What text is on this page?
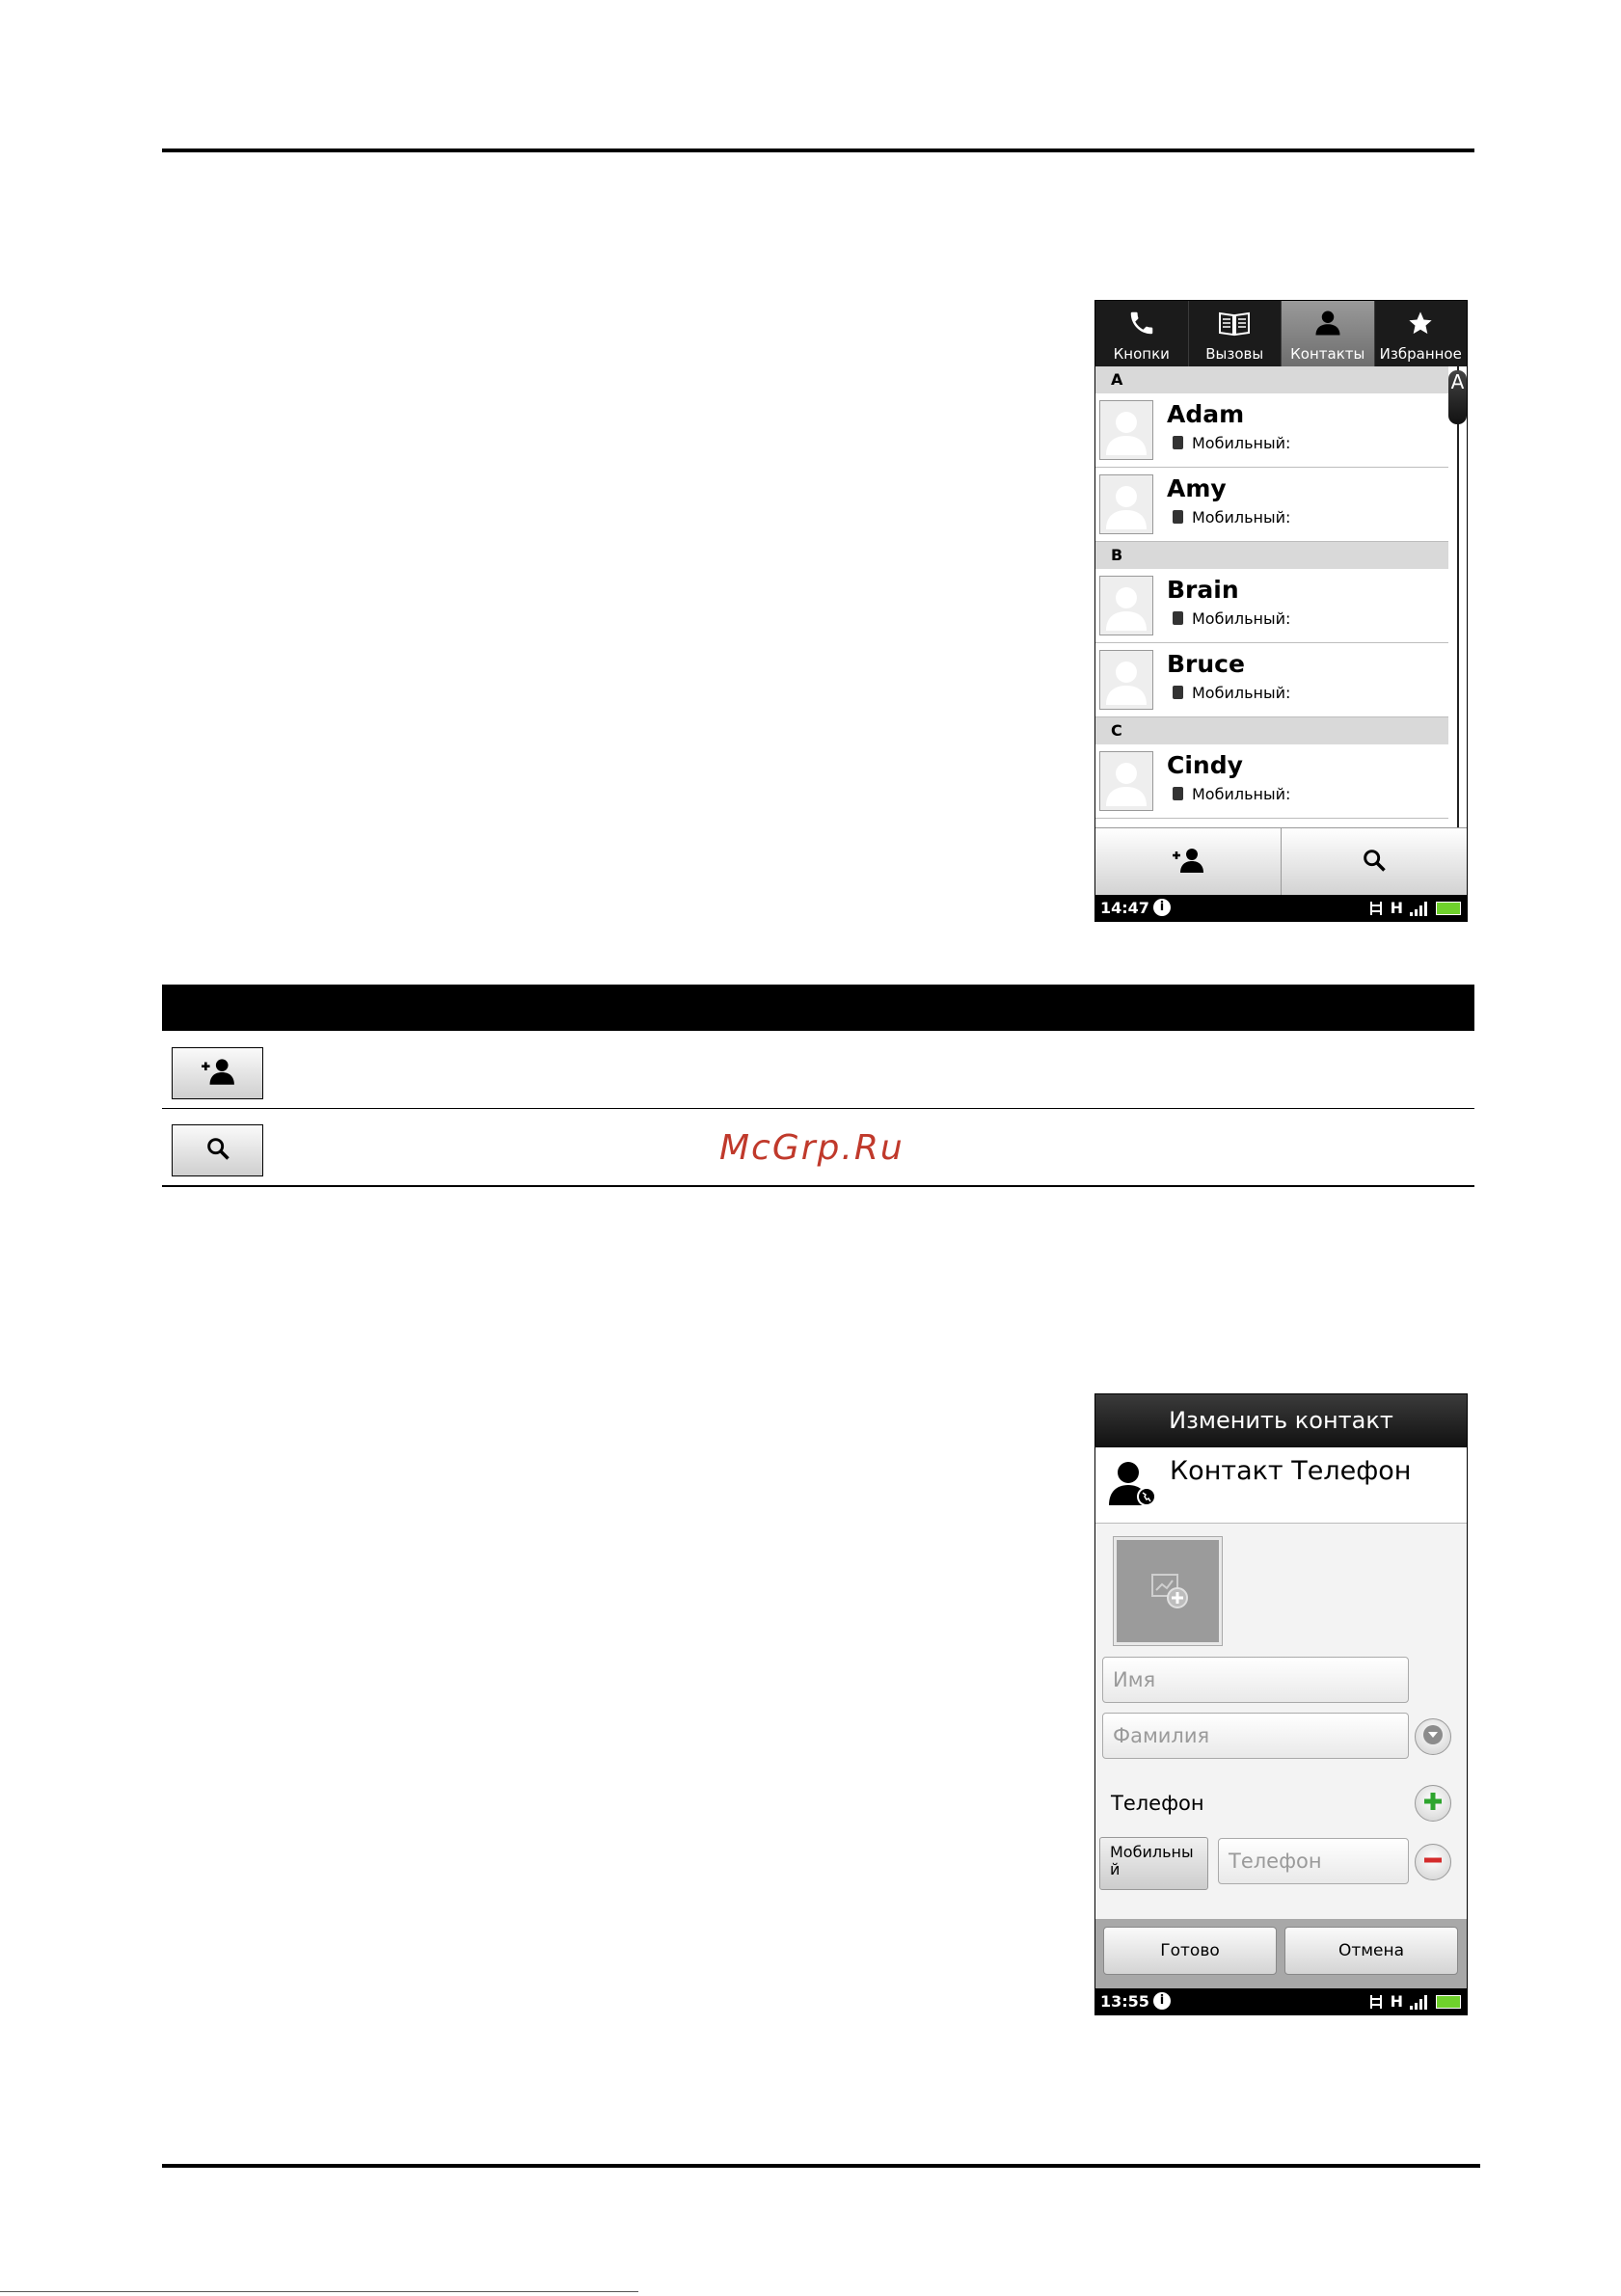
Кнопки	Вызовы	Контакты	Избранное
A
Adam
Мобильный:
Amy
Мобильный:
B
Brain
Мобильный:
Bruce
Мобильный:
C
Cindy
Мобильный:
A
14:47 i	H
McGrp.Ru
Изменить контакт
Контакт Телефон
Имя
Фамилия
Телефон
Мобильны
й	Телефон
Готово	Отмена
13:55 i	H
